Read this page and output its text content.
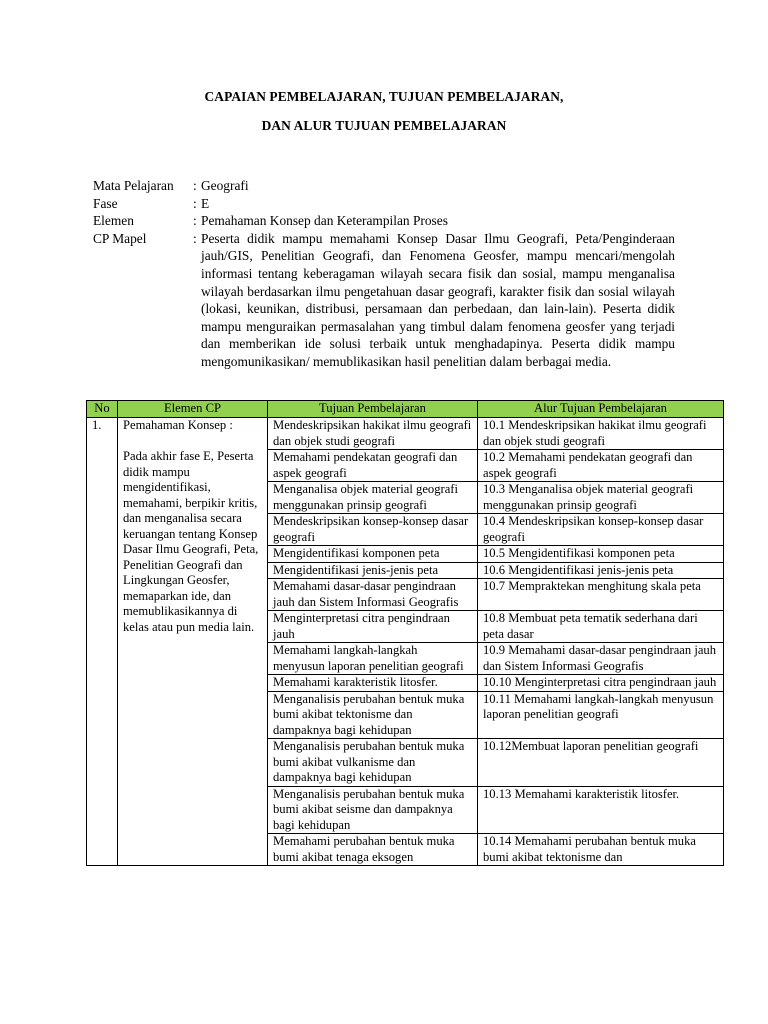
CAPAIAN PEMBELAJARAN, TUJUAN PEMBELAJARAN,
DAN ALUR TUJUAN PEMBELAJARAN
Mata Pelajaran	: Geografi
Fase	: E
Elemen	: Pemahaman Konsep dan Keterampilan Proses
CP Mapel	: Peserta didik mampu memahami Konsep Dasar Ilmu Geografi, Peta/Penginderaan jauh/GIS, Penelitian Geografi, dan Fenomena Geosfer, mampu mencari/mengolah informasi tentang keberagaman wilayah secara fisik dan sosial, mampu menganalisa wilayah berdasarkan ilmu pengetahuan dasar geografi, karakter fisik dan sosial wilayah (lokasi, keunikan, distribusi, persamaan dan perbedaan, dan lain-lain). Peserta didik mampu menguraikan permasalahan yang timbul dalam fenomena geosfer yang terjadi dan memberikan ide solusi terbaik untuk menghadapinya. Peserta didik mampu mengomunikasikan/ memublikasikan hasil penelitian dalam berbagai media.
No	Elemen CP	Tujuan Pembelajaran	Alur Tujuan Pembelajaran
1.	Pemahaman Konsep :

Pada akhir fase E, Peserta didik mampu mengidentifikasi, memahami, berpikir kritis, dan menganalisa secara keruangan tentang Konsep Dasar Ilmu Geografi, Peta, Penelitian Geografi dan Lingkungan Geosfer, memaparkan ide, dan memublikasikannya di kelas atau pun media lain.	Mendeskripsikan hakikat ilmu geografi dan objek studi geografi	10.1 Mendeskripsikan hakikat ilmu geografi dan objek studi geografi
		Memahami pendekatan geografi dan aspek geografi	10.2 Memahami pendekatan geografi dan aspek geografi
		Menganalisa objek material geografi menggunakan prinsip geografi	10.3 Menganalisa objek material geografi menggunakan prinsip geografi
		Mendeskripsikan konsep-konsep dasar geografi	10.4 Mendeskripsikan konsep-konsep dasar geografi
		Mengidentifikasi komponen peta	10.5 Mengidentifikasi komponen peta
		Mengidentifikasi jenis-jenis peta	10.6 Mengidentifikasi jenis-jenis peta
		Memahami dasar-dasar pengindraan jauh dan Sistem Informasi Geografis	10.7 Mempraktekan menghitung skala peta
		Menginterpretasi citra pengindraan jauh	10.8 Membuat peta tematik sederhana dari peta dasar
		Memahami langkah-langkah menyusun laporan penelitian geografi	10.9 Memahami dasar-dasar pengindraan jauh dan Sistem Informasi Geografis
		Memahami karakteristik litosfer.	10.10 Menginterpretasi citra pengindraan jauh
		Menganalisis perubahan bentuk muka bumi akibat tektonisme dan dampaknya bagi kehidupan	10.11 Memahami langkah-langkah menyusun laporan penelitian geografi
		Menganalisis perubahan bentuk muka bumi akibat vulkanisme dan dampaknya bagi kehidupan	10.12Membuat laporan penelitian geografi
		Menganalisis perubahan bentuk muka bumi akibat seisme dan dampaknya bagi kehidupan	10.13 Memahami karakteristik litosfer.
		Memahami perubahan bentuk muka bumi akibat tenaga eksogen	10.14 Memahami perubahan bentuk muka bumi akibat tektonisme dan
